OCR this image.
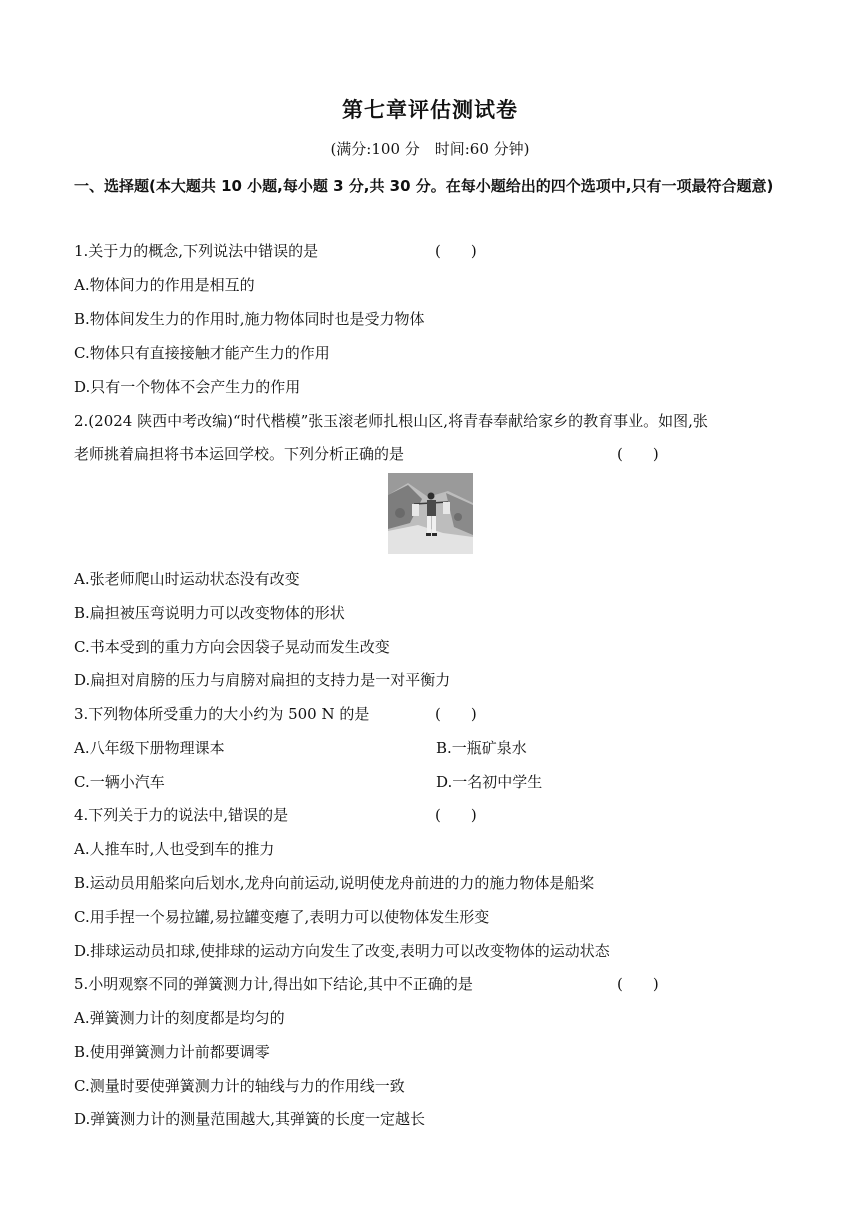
第七章评估测试卷
(满分:100 分　时间:60 分钟)
一、选择题(本大题共 10 小题,每小题 3 分,共 30 分。在每小题给出的四个选项中,只有一项最符合题意)
1.关于力的概念,下列说法中错误的是	(　　)
A.物体间力的作用是相互的
B.物体间发生力的作用时,施力物体同时也是受力物体
C.物体只有直接接触才能产生力的作用
D.只有一个物体不会产生力的作用
2.(2024 陕西中考改编)“时代楷模”张玉滚老师扎根山区,将青春奉献给家乡的教育事业。如图,张
老师挑着扁担将书本运回学校。下列分析正确的是	(　　)
A.张老师爬山时运动状态没有改变
B.扁担被压弯说明力可以改变物体的形状
C.书本受到的重力方向会因袋子晃动而发生改变
D.扁担对肩膀的压力与肩膀对扁担的支持力是一对平衡力
3.下列物体所受重力的大小约为 500 N 的是	(　　)
A.八年级下册物理课本	B.一瓶矿泉水
C.一辆小汽车	D.一名初中学生
4.下列关于力的说法中,错误的是	(　　)
A.人推车时,人也受到车的推力
B.运动员用船桨向后划水,龙舟向前运动,说明使龙舟前进的力的施力物体是船桨
C.用手捏一个易拉罐,易拉罐变瘪了,表明力可以使物体发生形变
D.排球运动员扣球,使排球的运动方向发生了改变,表明力可以改变物体的运动状态
5.小明观察不同的弹簧测力计,得出如下结论,其中不正确的是	(　　)
A.弹簧测力计的刻度都是均匀的
B.使用弹簧测力计前都要调零
C.测量时要使弹簧测力计的轴线与力的作用线一致
D.弹簧测力计的测量范围越大,其弹簧的长度一定越长
